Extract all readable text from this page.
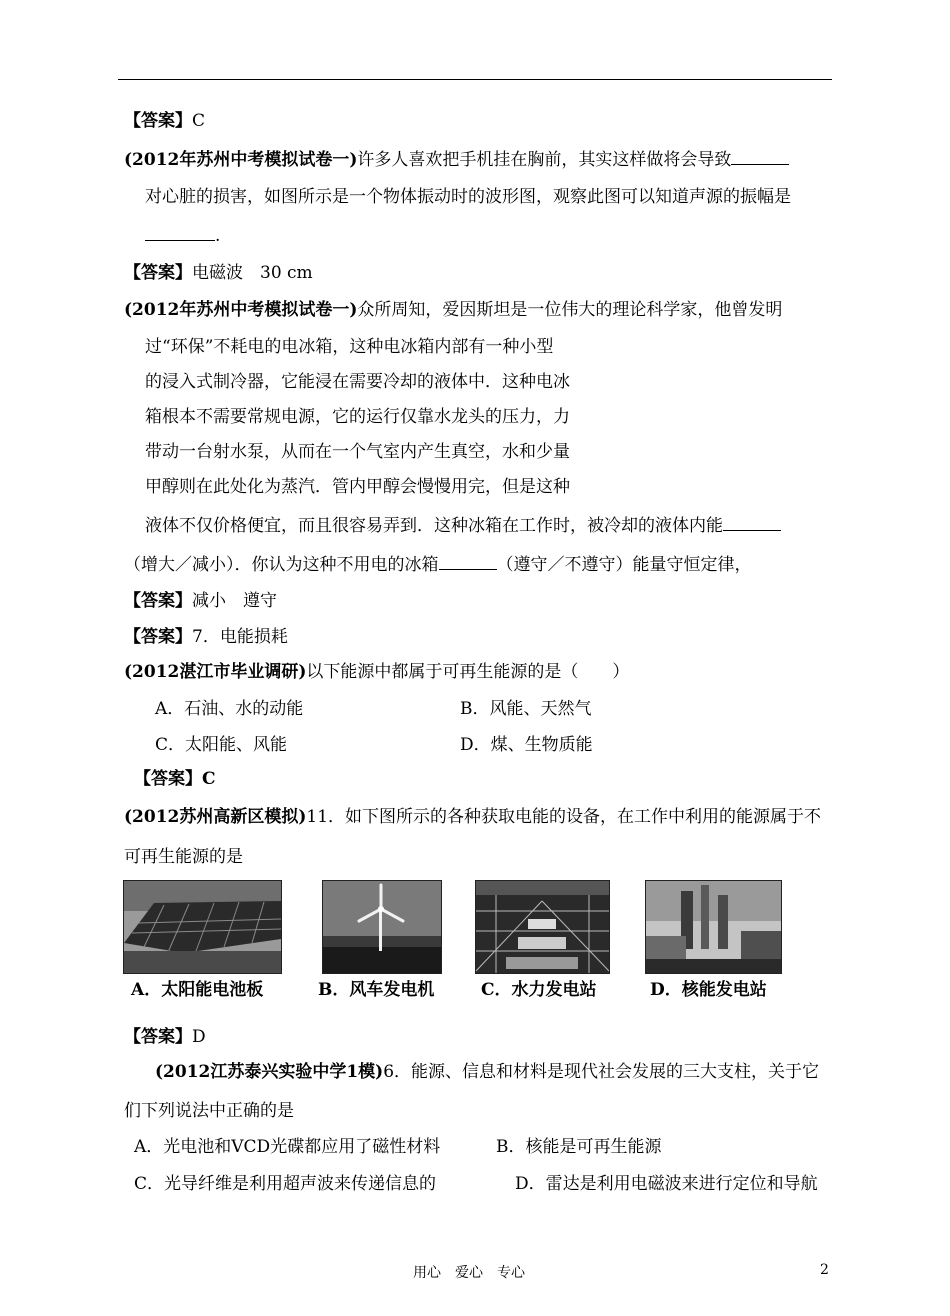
【答案】C
(2012年苏州中考模拟试卷一)许多人喜欢把手机挂在胸前，其实这样做将会导致
对心脏的损害，如图所示是一个物体振动时的波形图，观察此图可以知道声源的振幅是
.
【答案】电磁波　30 cm
(2012年苏州中考模拟试卷一)众所周知，爱因斯坦是一位伟大的理论科学家，他曾发明
过“环保”不耗电的电冰箱，这种电冰箱内部有一种小型
的浸入式制冷器，它能浸在需要冷却的液体中．这种电冰
箱根本不需要常规电源，它的运行仅靠水龙头的压力，力
带动一台射水泵，从而在一个气室内产生真空，水和少量
甲醇则在此处化为蒸汽．管内甲醇会慢慢用完，但是这种
液体不仅价格便宜，而且很容易弄到．这种冰箱在工作时，被冷却的液体内能
（增大／减小）．你认为这种不用电的冰箱	（遵守／不遵守）能量守恒定律，
【答案】减小　遵守
【答案】7．电能损耗
(2012湛江市毕业调研)以下能源中都属于可再生能源的是（　　）
A．石油、水的动能	B．风能、天然气
C．太阳能、风能	D．煤、生物质能
【答案】C
(2012苏州高新区模拟)11．如下图所示的各种获取电能的设备，在工作中利用的能源属于不
可再生能源的是
A．太阳能电池板	B．风车发电机	C．水力发电站	D．核能发电站
【答案】D
(2012江苏泰兴实验中学1模)6．能源、信息和材料是现代社会发展的三大支柱，关于它
们下列说法中正确的是
A．光电池和VCD光碟都应用了磁性材料	B．核能是可再生能源
C．光导纤维是利用超声波来传递信息的	D．雷达是利用电磁波来进行定位和导航
用心　爱心　专心	2
